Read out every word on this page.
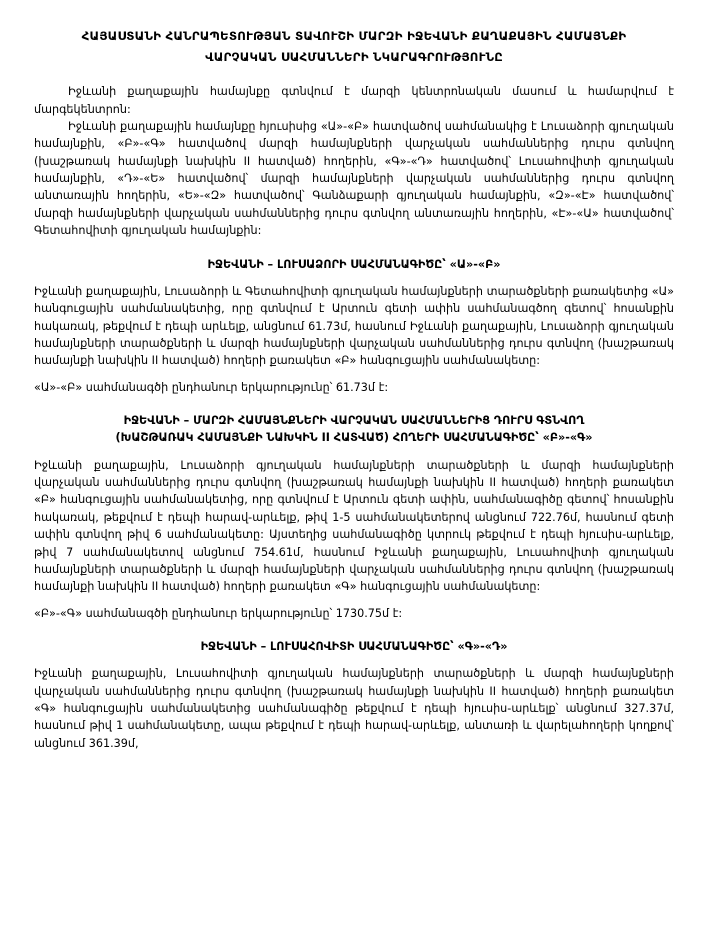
ՀԱՅԱՍՏԱՆԻ ՀԱՆՐԱՊԵՏՈՒԹՅԱՆ ՏԱՎՈՒՇԻ ՄԱՐԶԻ ԻՋԵՎԱՆԻ ՔԱՂԱՔԱՅԻՆ ՀԱՄԱՅՆՔԻ
ՎԱՐՉԱԿԱՆ ՍԱՀՄԱՆՆԵՐԻ ՆԿԱՐԱԳՐՈՒԹՅՈՒՆԸ

Իջևանի քաղաքային համայնքը գտնվում է մարզի կենտրոնական մասում և համարվում է մարգեկենտրոն:

Իջևանի քաղաքային համայնքը հյուսիսից «Ա»-«Բ» հատվածով սահմանակից է Լուսաձորի գյուղական համայնքին, «Բ»-«Գ» հատվածով մարզի համայնքների վարչական սահմաններից դուրս գտնվող (խաշթառակ համայնքի նախկին II հատված) հողերին, «Գ»-«Դ» հատվածով՝ Լուսահովիտի գյուղական համայնքին, «Դ»-«Ե» հատվածով՝ մարզի համայնքների վարչական սահմաններից դուրս գտնվող անտառային հողերին, «Ե»-«Զ» հատվածով՝ Գանձաքարի գյուղական համայնքին, «Զ»-«Է» հատվածով՝ մարզի համայնքների վարչական սահմաններից դուրս գտնվող անտառային հողերին, «Է»-«Ա» հատվածով՝ Գետահովիտի գյուղական համայնքին:

ԻՋԵՎԱՆԻ – ԼՈՒՍԱՁՈՐԻ ՍԱՀՄԱՆԱԳԻԾԸ՝ «Ա»-«Բ»

Իջևանի քաղաքային, Լուսաձորի և Գետահովիտի գյուղական համայնքների տարածքների քառակետից «Ա» հանգուցային սահմանակետից, որը գտնվում է Արտուն գետի ափին սահմանագծող գետով՝ հոսանքին հակառակ, թեքվում է դեպի արևելք, անցնում 61.73մ, հասնում Իջևանի քաղաքային, Լուսաձորի գյուղական համայնքների տարածքների և մարզի համայնքների վարչական սահմաններից դուրս գտնվող (խաշթառակ համայնքի նախկին II հատված) հողերի քառակետ «Բ» հանգուցային սահմանակետը:

«Ա»-«Բ» սահմանագծի ընդհանուր երկարությունը՝ 61.73մ է:

ԻՋԵՎԱՆԻ – ՄԱՐԶԻ ՀԱՄԱՅՆՔՆԵՐԻ ՎԱՐՉԱԿԱՆ ՍԱՀՄԱՆՆԵՐԻՑ ԴՈՒՐՍ ԳՏՆՎՈՂ
(ԽԱՇԹԱՌԱԿ ՀԱՄԱՅՆՔԻ ՆԱԽԿԻՆ II ՀԱՏՎԱԾ) ՀՈՂԵՐԻ ՍԱՀՄԱՆԱԳԻԾԸ՝ «Բ»-«Գ»

Իջևանի քաղաքային, Լուսաձորի գյուղական համայնքների տարածքների և մարզի համայնքների վարչական սահմաններից դուրս գտնվող (խաշթառակ համայնքի նախկին II հատված) հողերի քառակետ «Բ» հանգուցային սահմանակետից, որը գտնվում է Արտուն գետի ափին, սահմանագիծը գետով՝ հոսանքին հակառակ, թեքվում է դեպի հարավ-արևելք, թիվ 1-5 սահմանակետերով անցնում 722.76մ, հասնում գետի ափին գտնվող թիվ 6 սահմանակետը: Այստեղից սահմանագիծը կտրուկ թեքվում է դեպի հյուսիս-արևելք, թիվ 7 սահմանակետով անցնում 754.61մ, հասնում Իջևանի քաղաքային, Լուսահովիտի գյուղական համայնքների տարածքների և մարզի համայնքների վարչական սահմաններից դուրս գտնվող (խաշթառակ համայնքի նախկին II հատված) հողերի քառակետ «Գ» հանգուցային սահմանակետը:

«Բ»-«Գ» սահմանագծի ընդհանուր երկարությունը՝ 1730.75մ է:

ԻՋԵՎԱՆԻ – ԼՈՒՍԱՀՈՎԻՏԻ ՍԱՀՄԱՆԱԳԻԾԸ՝ «Գ»-«Դ»

Իջևանի քաղաքային, Լուսահովիտի գյուղական համայնքների տարածքների և մարզի համայնքների վարչական սահմաններից դուրս գտնվող (խաշթառակ համայնքի նախկին II հատված) հողերի քառակետ «Գ» հանգուցային սահմանակետից սահմանագիծը թեքվում է դեպի հյուսիս-արևելք՝ անցնում 327.37մ, հասնում թիվ 1 սահմանակետը, ապա թեքվում է դեպի հարավ-արևելք, անտառի և վարելահողերի կողքով՝ անցնում 361.39մ,
